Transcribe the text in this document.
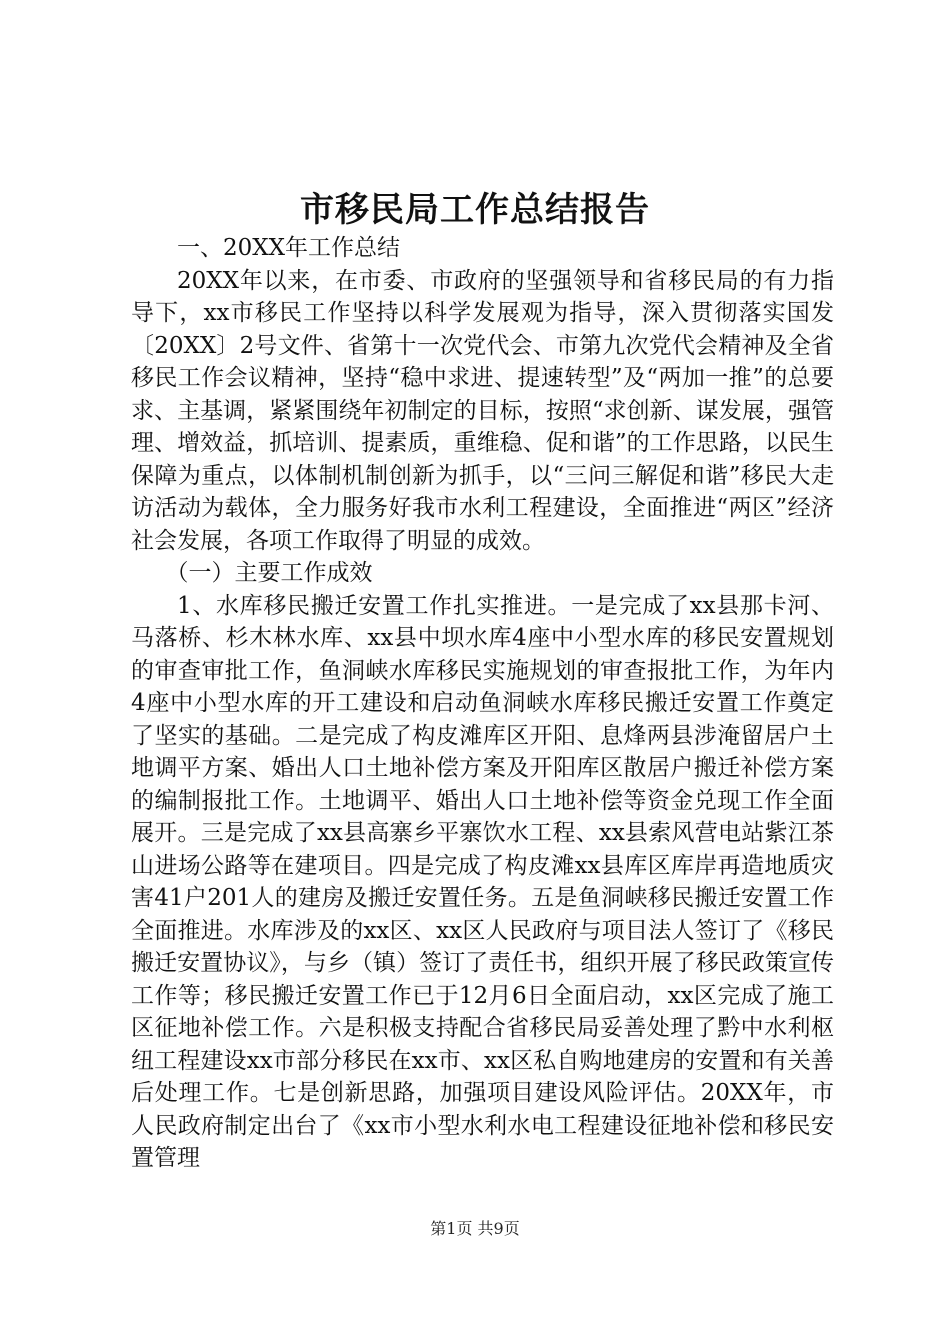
市移民局工作总结报告

一、20XX年工作总结

20XX年以来，在市委、市政府的坚强领导和省移民局的有力指导下，xx市移民工作坚持以科学发展观为指导，深入贯彻落实国发〔20XX〕2号文件、省第十一次党代会、市第九次党代会精神及全省移民工作会议精神，坚持“稳中求进、提速转型”及“两加一推”的总要求、主基调，紧紧围绕年初制定的目标，按照“求创新、谋发展，强管理、增效益，抓培训、提素质，重维稳、促和谐”的工作思路，以民生保障为重点，以体制机制创新为抓手，以“三问三解促和谐”移民大走访活动为载体，全力服务好我市水利工程建设，全面推进“两区”经济社会发展，各项工作取得了明显的成效。

（一）主要工作成效

1、水库移民搬迁安置工作扎实推进。一是完成了xx县那卡河、马落桥、杉木林水库、xx县中坝水库4座中小型水库的移民安置规划的审查审批工作，鱼洞峡水库移民实施规划的审查报批工作，为年内4座中小型水库的开工建设和启动鱼洞峡水库移民搬迁安置工作奠定了坚实的基础。二是完成了构皮滩库区开阳、息烽两县涉淹留居户土地调平方案、婚出人口土地补偿方案及开阳库区散居户搬迁补偿方案的编制报批工作。土地调平、婚出人口土地补偿等资金兑现工作全面展开。三是完成了xx县高寨乡平寨饮水工程、xx县索风营电站紫江茶山进场公路等在建项目。四是完成了构皮滩xx县库区库岸再造地质灾害41户201人的建房及搬迁安置任务。五是鱼洞峡移民搬迁安置工作全面推进。水库涉及的xx区、xx区人民政府与项目法人签订了《移民搬迁安置协议》，与乡（镇）签订了责任书，组织开展了移民政策宣传工作等；移民搬迁安置工作已于12月6日全面启动，xx区完成了施工区征地补偿工作。六是积极支持配合省移民局妥善处理了黔中水利枢纽工程建设xx市部分移民在xx市、xx区私自购地建房的安置和有关善后处理工作。七是创新思路，加强项目建设风险评估。20XX年，市人民政府制定出台了《xx市小型水利水电工程建设征地补偿和移民安置管理

第1页 共9页
